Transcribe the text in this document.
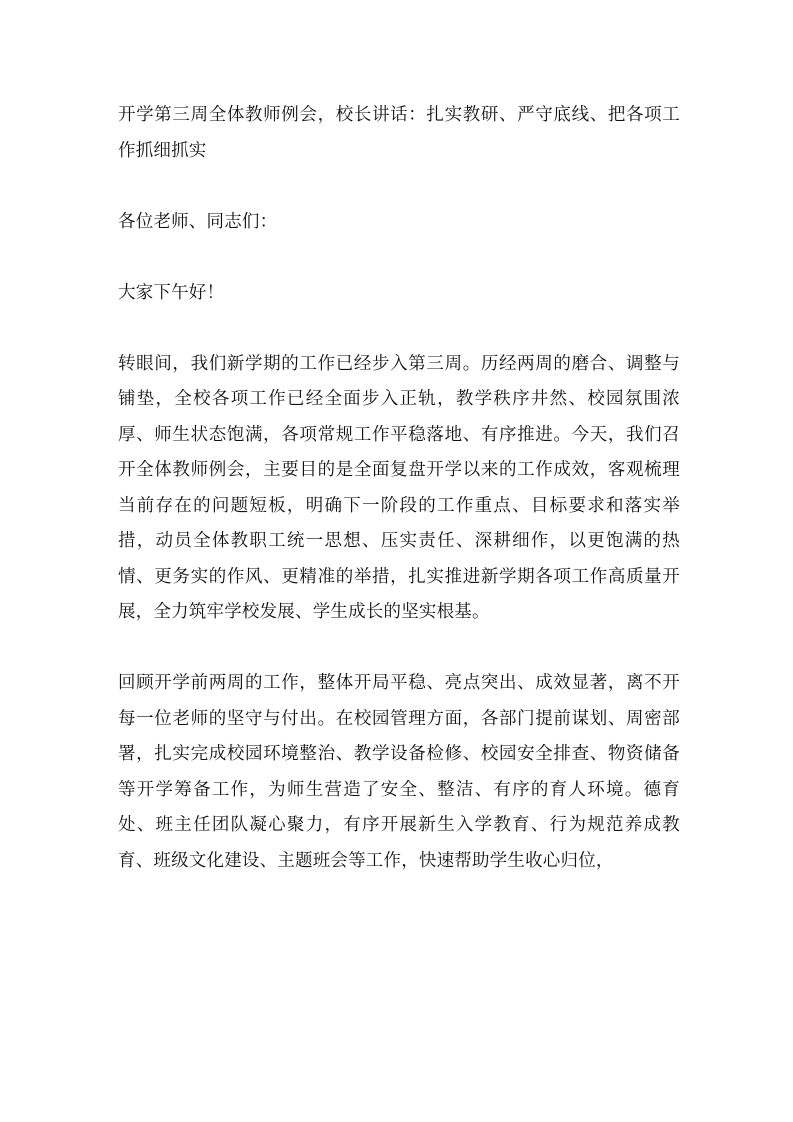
开学第三周全体教师例会，校长讲话：扎实教研、严守底线、把各项工作抓细抓实

各位老师、同志们：

大家下午好！

转眼间，我们新学期的工作已经步入第三周。历经两周的磨合、调整与铺垫，全校各项工作已经全面步入正轨，教学秩序井然、校园氛围浓厚、师生状态饱满，各项常规工作平稳落地、有序推进。今天，我们召开全体教师例会，主要目的是全面复盘开学以来的工作成效，客观梳理当前存在的问题短板，明确下一阶段的工作重点、目标要求和落实举措，动员全体教职工统一思想、压实责任、深耕细作，以更饱满的热情、更务实的作风、更精准的举措，扎实推进新学期各项工作高质量开展，全力筑牢学校发展、学生成长的坚实根基。

回顾开学前两周的工作，整体开局平稳、亮点突出、成效显著，离不开每一位老师的坚守与付出。在校园管理方面，各部门提前谋划、周密部署，扎实完成校园环境整治、教学设备检修、校园安全排查、物资储备等开学筹备工作，为师生营造了安全、整洁、有序的育人环境。德育处、班主任团队凝心聚力，有序开展新生入学教育、行为规范养成教育、班级文化建设、主题班会等工作，快速帮助学生收心归位，
